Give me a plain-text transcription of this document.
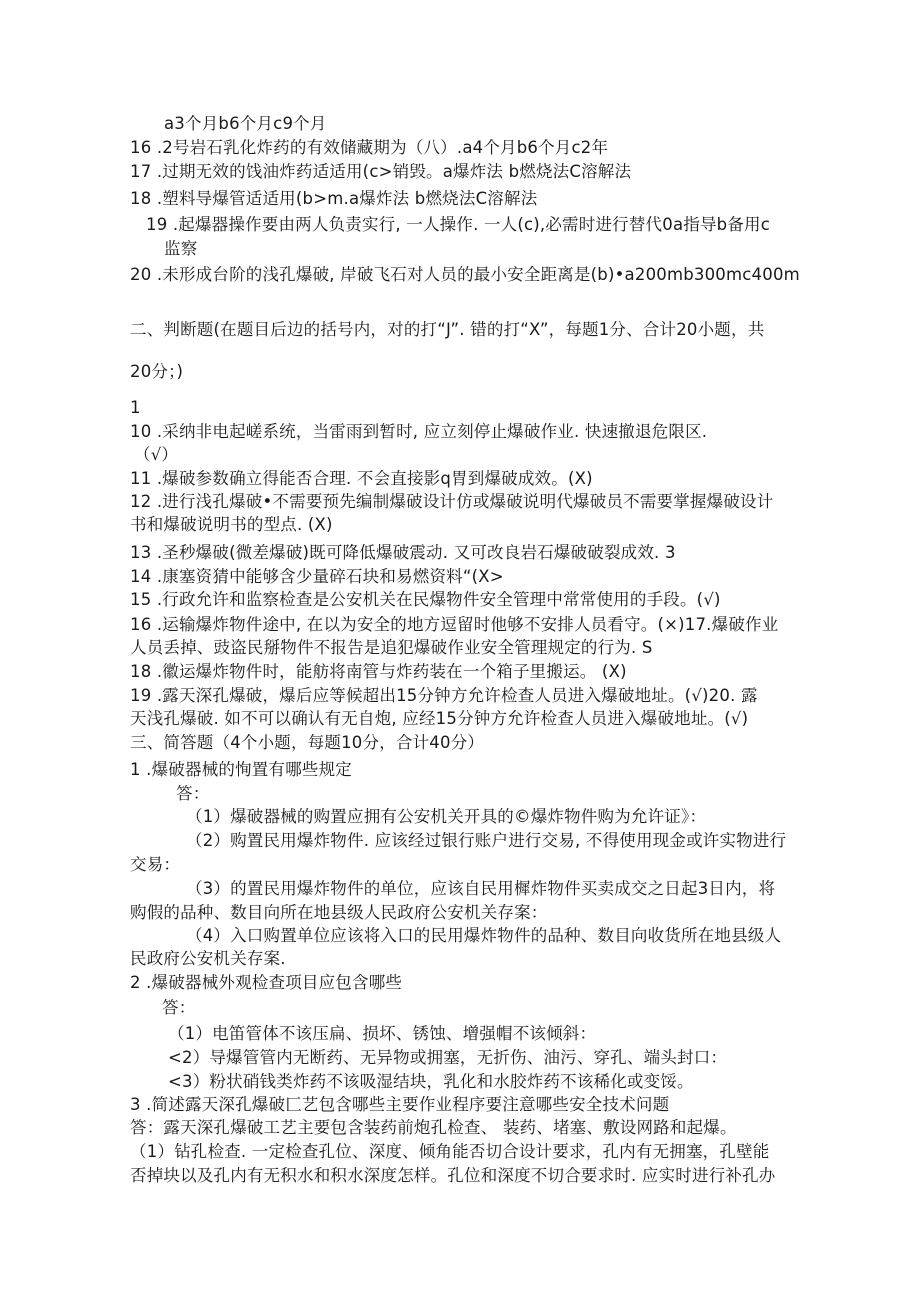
a3个月b6个月c9个月
16 .2号岩石乳化炸药的有效储藏期为（八）.a4个月b6个月c2年
17 .过期无效的饯油炸药适适用(c>销毁。a爆炸法 b燃烧法C溶解法
18 .塑料导爆管适适用(b>m.a爆炸法 b燃烧法C溶解法
19 .起爆器操作要由两人负责实行, 一人操作. 一人(c),必需时进行替代0a指导b备用c
监察
20 .未形成台阶的浅孔爆破, 岸破飞石对人员的最小安全距离是(b)•a200mb300mc400m
二、判断题(在题目后边的括号内，对的打“J”. 错的打“X”，每题1分、合计20小题，共
20分；)
1
10 .采纳非电起嵯系统，当雷雨到暂时, 应立刻停止爆破作业. 快速撤退危限区.
（√）
11 .爆破参数确立得能否合理. 不会直接影q胃到爆破成效。(X)
12 .进行浅孔爆破•不需要预先编制爆破设计仿或爆破说明代爆破员不需要掌握爆破设计
书和爆破说明书的型点. (X)
13 .圣秒爆破(微差爆破)既可降低爆破震动. 又可改良岩石爆破破裂成效. 3
14 .康塞资猜中能够含少量碎石块和易燃资料“(X>
15 .行政允许和监察检查是公安机关在民爆物件安全管理中常常使用的手段。(√)
16 .运输爆炸物件途中, 在以为安全的地方逗留时他够不安排人员看守。(×)17.爆破作业
人员丢掉、豉盗民掰物件不报告是追犯爆破作业安全管理规定的行为. S
18 .徽运爆炸物件时，能舫将南管与炸药装在一个箱子里搬运。 (X)
19 .露天深孔爆破，爆后应等候超出15分钟方允许检查人员进入爆破地址。(√)20. 露
天浅孔爆破. 如不可以确认有无自炮, 应经15分钟方允许检查人员进入爆破地址。(√)
三、简答题（4个小题，每题10分，合计40分）
1 .爆破器械的恂置有哪些规定
答：
（1）爆破器械的购置应拥有公安机关开具的©爆炸物件购为允许证》：
（2）购置民用爆炸物件. 应该经过银行账户进行交易, 不得使用现金或许实物进行
交易：
（3）的置民用爆炸物件的单位，应该自民用樨炸物件买卖成交之日起3日内，将
购假的品种、数目向所在地县级人民政府公安机关存案：
（4）入口购置单位应该将入口的民用爆炸物件的品种、数目向收货所在地县级人
民政府公安机关存案.
2 .爆破器械外观检查项目应包含哪些
答：
（1）电笛管体不该压扁、损坏、锈蚀、增强帽不该倾斜：
<2）导爆管管内无断药、无异物或拥塞，无折伤、油污、穿孔、端头封口：
<3）粉状硝钱类炸药不该吸湿结块，乳化和水胶炸药不该稀化或变馁。
3 .简述露天深孔爆破匚艺包含哪些主要作业程序要注意哪些安全技术问题
答：露天深孔爆破工艺主要包含装药前炮孔检查、 装药、堵塞、敷设网路和起爆。
（1）钻孔检查. 一定检查孔位、深度、倾角能否切合设计要求，孔内有无拥塞，孔壁能
否掉块以及孔内有无积水和积水深度怎样。孔位和深度不切合要求时. 应实时进行补孔办
